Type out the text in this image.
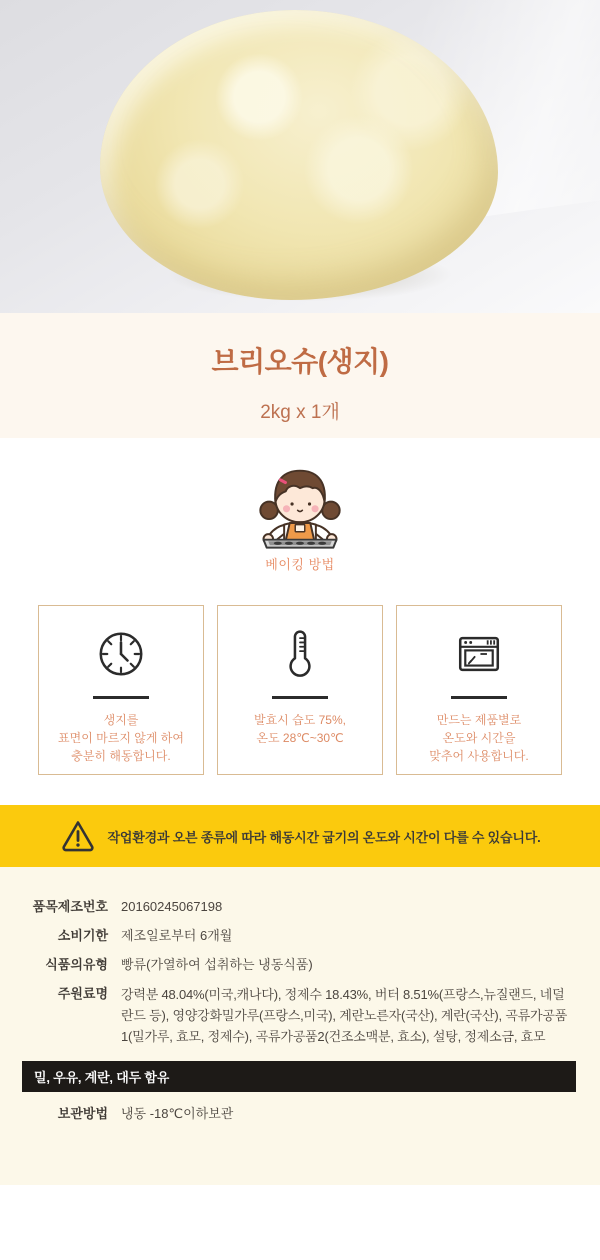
브리오슈(생지)
2kg x 1개
베이킹 방법
생지를
표면이 마르지 않게 하여
충분히 해동합니다.
발효시 습도 75%,
온도 28℃~30℃
만드는 제품별로
온도와 시간을
맞추어 사용합니다.
작업환경과 오븐 종류에 따라 해동시간 굽기의 온도와 시간이 다를 수 있습니다.
품목제조번호 20160245067198
소비기한 제조일로부터 6개월
식품의유형 빵류(가열하여 섭취하는 냉동식품)
주원료명 강력분 48.04%(미국,캐나다), 정제수 18.43%, 버터 8.51%(프랑스,뉴질랜드, 네덜란드 등), 영양강화밀가루(프랑스,미국), 계란노른자(국산), 계란(국산), 곡류가공품1(밀가루, 효모, 정제수), 곡류가공품2(건조소맥분, 효소), 설탕, 정제소금, 효모
밀, 우유, 계란, 대두 함유
보관방법 냉동 -18℃이하보관
